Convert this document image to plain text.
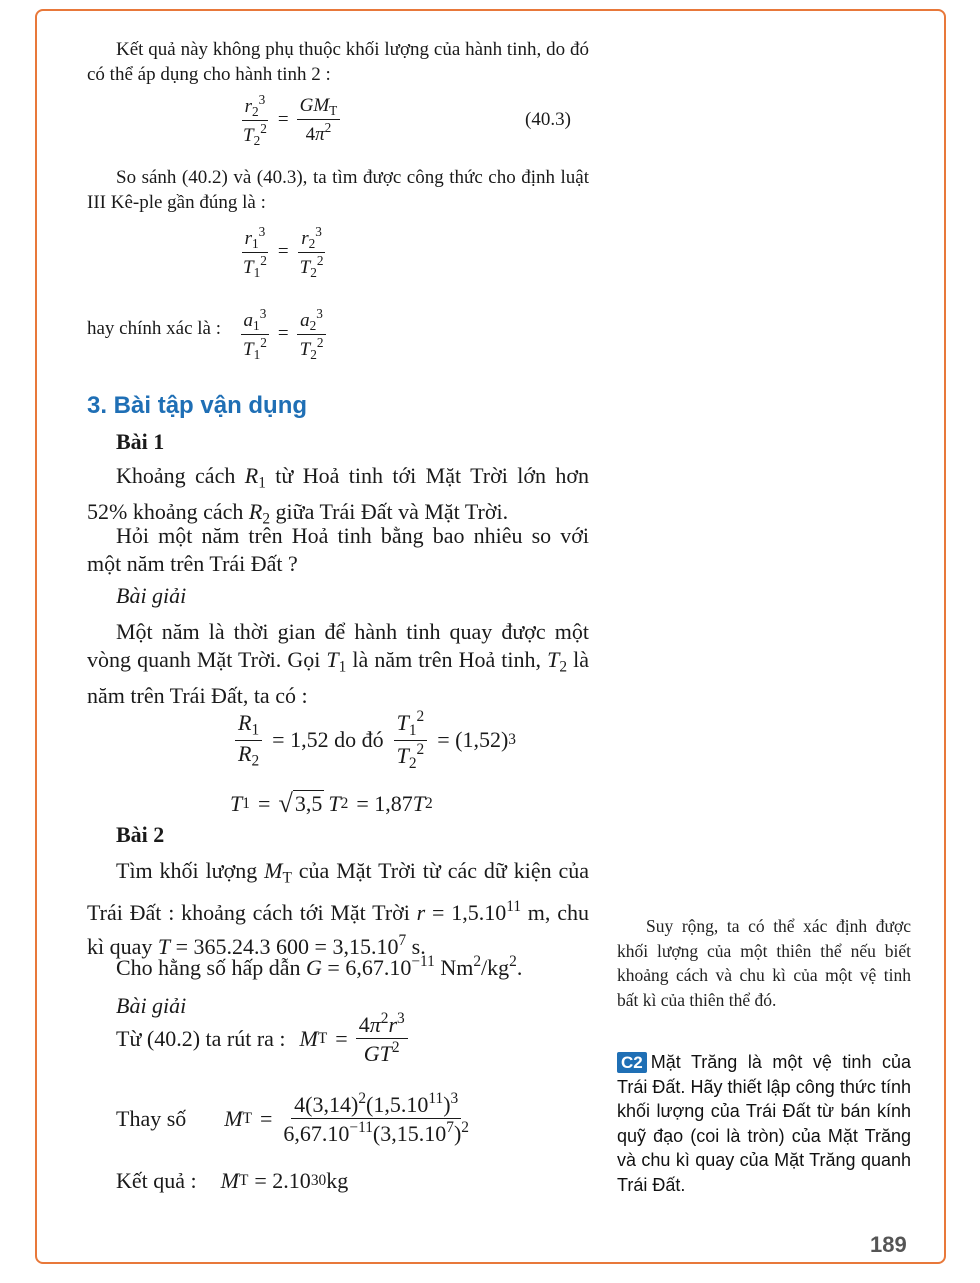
Kết quả này không phụ thuộc khối lượng của hành tinh, do đó có thể áp dụng cho hành tinh 2 :
$\frac{r_2^3}{T_2^2} = \frac{GM_T}{4\pi^2}$	(40.3)
So sánh (40.2) và (40.3), ta tìm được công thức cho định luật III Kê-ple gần đúng là :
$\frac{r_1^3}{T_1^2} = \frac{r_2^3}{T_2^2}$
hay chính xác là : $\frac{a_1^3}{T_1^2} = \frac{a_2^3}{T_2^2}$
3. Bài tập vận dụng
Bài 1
Khoảng cách $R_1$ từ Hoả tinh tới Mặt Trời lớn hơn 52% khoảng cách $R_2$ giữa Trái Đất và Mặt Trời.
Hỏi một năm trên Hoả tinh bằng bao nhiêu so với một năm trên Trái Đất ?
Bài giải
Một năm là thời gian để hành tinh quay được một vòng quanh Mặt Trời. Gọi $T_1$ là năm trên Hoả tinh, $T_2$ là năm trên Trái Đất, ta có :
$\frac{R_1}{R_2} = 1,52$ do đó $\frac{T_1^2}{T_2^2} = (1,52)$ 3
T 1 = √ 3,5 T 2 = 1,87 T 2
Bài 2
Tìm khối lượng $M_T$ của Mặt Trời từ các dữ kiện của Trái Đất : khoảng cách tới Mặt Trời $r = 1,5.10^{11}$ m, chu kì quay T = 365.24.3 $600 = 3,15.10^7$ s.
Cho hằng số hấp dẫn $G = 6,67.10^{-11}$ $Nm^2/kg^2$.
Bài giải
Từ (40.2) ta rút ra : M $T = \frac{4\pi^2r^3}{GT^2}$
Thay số M $T = \frac{4(3,14)^2(1,5.10^{11})^3}{6,67.10^{-11}(3,15.10^7)^2}$
Kết quả : M T = 2.10 30 kg
Suy rộng, ta có thể xác định được khối lượng của một thiên thể nếu biết khoảng cách và chu kì của một vệ tinh bất kì của thiên thể đó.
C2 Mặt Trăng là một vệ tinh của Trái Đất. Hãy thiết lập công thức tính khối lượng của Trái Đất từ bán kính quỹ đạo (coi là tròn) của Mặt Trăng và chu kì quay của Mặt Trăng quanh Trái Đất.
189
